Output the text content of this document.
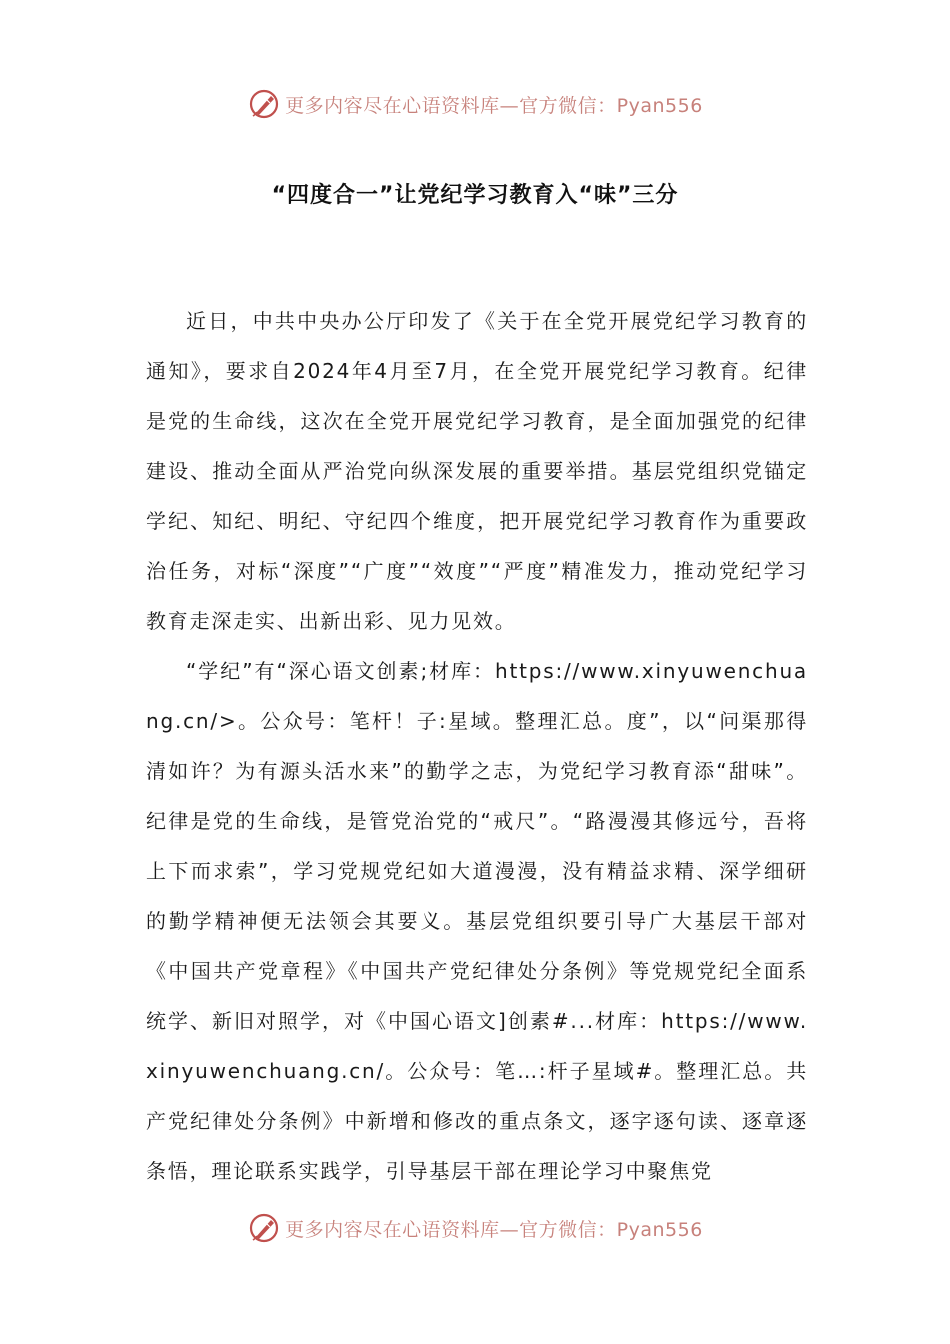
更多内容尽在心语资料库—官方微信：Pyan556
“四度合一”让党纪学习教育入“味”三分

近日，中共中央办公厅印发了《关于在全党开展党纪学习教育的通知》，要求自2024年4月至7月，在全党开展党纪学习教育。纪律是党的生命线，这次在全党开展党纪学习教育，是全面加强党的纪律建设、推动全面从严治党向纵深发展的重要举措。基层党组织党锚定学纪、知纪、明纪、守纪四个维度，把开展党纪学习教育作为重要政治任务，对标“深度”“广度”“效度”“严度”精准发力，推动党纪学习教育走深走实、出新出彩、见力见效。

“学纪”有“深心语文创素;材库：https://www.xinyuwenchuang.cn/>。公众号：笔杆！子:星域。整理汇总。度”，以“问渠那得清如许？为有源头活水来”的勤学之志，为党纪学习教育添“甜味”。纪律是党的生命线，是管党治党的“戒尺”。“路漫漫其修远兮，吾将上下而求索”，学习党规党纪如大道漫漫，没有精益求精、深学细研的勤学精神便无法领会其要义。基层党组织要引导广大基层干部对《中国共产党章程》《中国共产党纪律处分条例》等党规党纪全面系统学、新旧对照学，对《中国心语文]创素#...材库：https://www.xinyuwenchuang.cn/。公众号：笔…:杆子星域#。整理汇总。共产党纪律处分条例》中新增和修改的重点条文，逐字逐句读、逐章逐条悟，理论联系实践学，引导基层干部在理论学习中聚焦党

更多内容尽在心语资料库—官方微信：Pyan556
